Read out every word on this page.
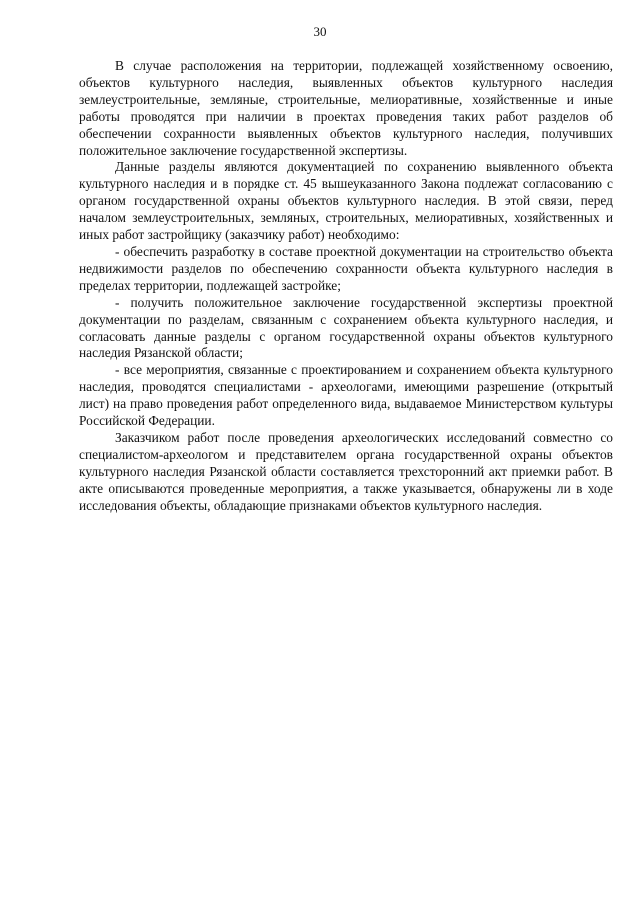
30

В случае расположения на территории, подлежащей хозяйственному освоению, объектов культурного наследия, выявленных объектов культурного наследия землеустроительные, земляные, строительные, мелиоративные, хозяйственные и иные работы проводятся при наличии в проектах проведения таких работ разделов об обеспечении сохранности выявленных объектов культурного наследия, получивших положительное заключение государственной экспертизы.

Данные разделы являются документацией по сохранению выявленного объекта культурного наследия и в порядке ст. 45 вышеуказанного Закона подлежат согласованию с органом государственной охраны объектов культурного наследия. В этой связи, перед началом землеустроительных, земляных, строительных, мелиоративных, хозяйственных и иных работ застройщику (заказчику работ) необходимо:

- обеспечить разработку в составе проектной документации на строительство объекта недвижимости разделов по обеспечению сохранности объекта культурного наследия в пределах территории, подлежащей застройке;

- получить положительное заключение государственной экспертизы проектной документации по разделам, связанным с сохранением объекта культурного наследия, и согласовать данные разделы с органом государственной охраны объектов культурного наследия Рязанской области;

- все мероприятия, связанные с проектированием и сохранением объекта культурного наследия, проводятся специалистами - археологами, имеющими разрешение (открытый лист) на право проведения работ определенного вида, выдаваемое Министерством культуры Российской Федерации.

Заказчиком работ после проведения археологических исследований совместно со специалистом-археологом и представителем органа государственной охраны объектов культурного наследия Рязанской области составляется трехсторонний акт приемки работ. В акте описываются проведенные мероприятия, а также указывается, обнаружены ли в ходе исследования объекты, обладающие признаками объектов культурного наследия.
